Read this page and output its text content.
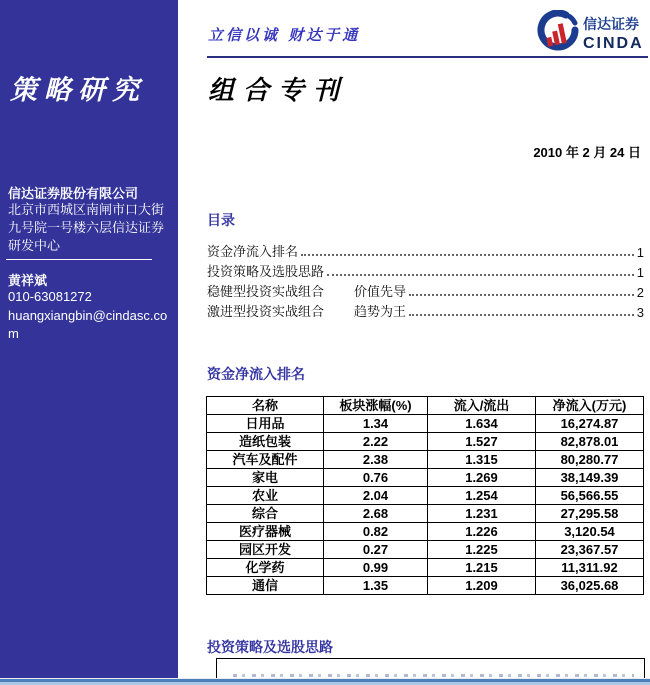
策略研究
信达证券股份有限公司
北京市西城区南闸市口大街
九号院一号楼六层信达证券
研发中心
黄祥斌
010-63081272
huangxiangbin@cindasc.com
立信以诚 财达于通
信达证券
CINDA
组合专刊
2010 年 2 月 24 日
目录
资金净流入排名	1
投资策略及选股思路	1
稳健型投资实战组合 价值先导	2
激进型投资实战组合 趋势为王	3
资金净流入排名
名称	板块涨幅(%)	流入/流出	净流入(万元)
日用品	1.34	1.634	16,274.87
造纸包装	2.22	1.527	82,878.01
汽车及配件	2.38	1.315	80,280.77
家电	0.76	1.269	38,149.39
农业	2.04	1.254	56,566.55
综合	2.68	1.231	27,295.58
医疗器械	0.82	1.226	3,120.54
园区开发	0.27	1.225	23,367.57
化学药	0.99	1.215	11,311.92
通信	1.35	1.209	36,025.68
投资策略及选股思路
